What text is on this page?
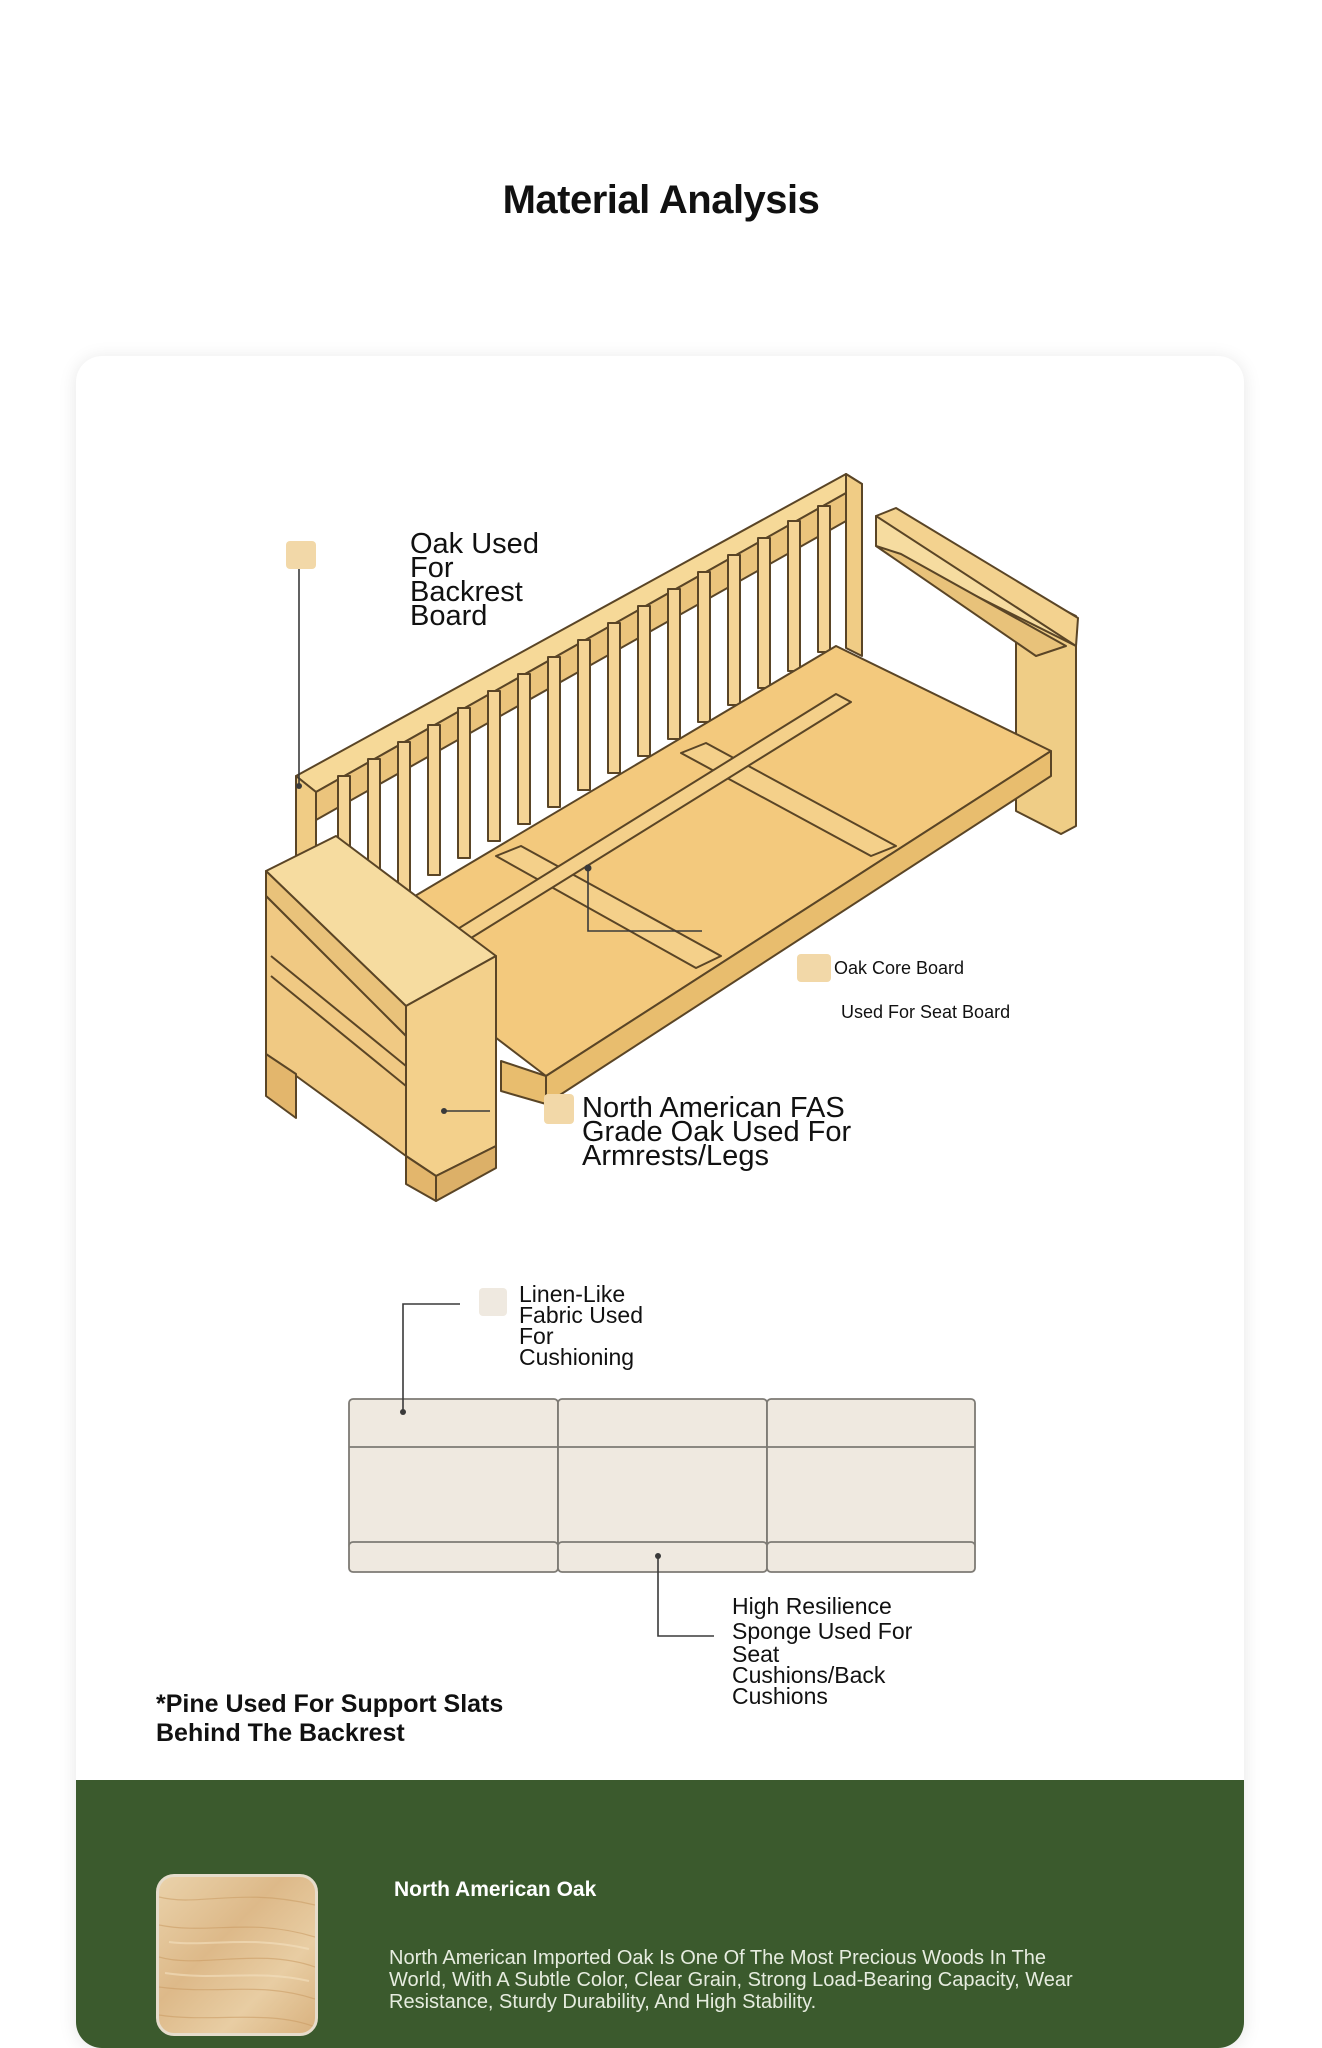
Material Analysis
Oak Used
For
Backrest
Board
Oak Core Board
Used For Seat Board
North American FAS
Grade Oak Used For
Armrests/Legs
Linen-Like
Fabric Used
For
Cushioning
High Resilience
Sponge Used For
Seat
Cushions/Back
Cushions
*Pine Used For Support Slats
Behind The Backrest
North American Oak
North American Imported Oak Is One Of The Most Precious Woods In The World, With A Subtle Color, Clear Grain, Strong Load-Bearing Capacity, Wear Resistance, Sturdy Durability, And High Stability.
